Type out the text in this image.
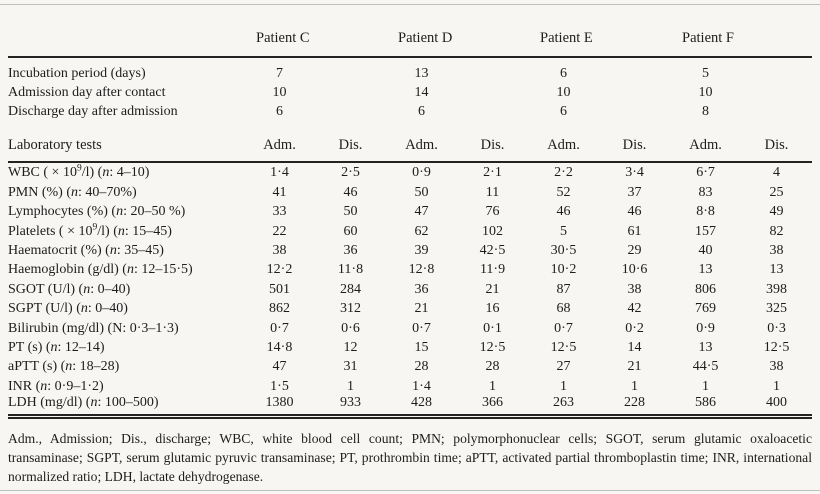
	Patient C		Patient D		Patient E		Patient F	
Incubation period (days)	7		13		6		5	
Admission day after contact	10		14		10		10	
Discharge day after admission	6		6		6		8	
Laboratory tests	Adm.	Dis.	Adm.	Dis.	Adm.	Dis.	Adm.	Dis.
WBC ( × $10^9/l$) (n: 4–10)	1·4	2·5	0·9	2·1	2·2	3·4	6·7	4
PMN (%) (n: 40–70%)	41	46	50	11	52	37	83	25
Lymphocytes (%) (n: 20–50 %)	33	50	47	76	46	46	8·8	49
Platelets ( × $10^9/l$) (n: 15–45)	22	60	62	102	5	61	157	82
Haematocrit (%) (n: 35–45)	38	36	39	42·5	30·5	29	40	38
Haemoglobin (g/dl) (n: 12–15·5)	12·2	11·8	12·8	11·9	10·2	10·6	13	13
SGOT (U/l) (n: 0–40)	501	284	36	21	87	38	806	398
SGPT (U/l) (n: 0–40)	862	312	21	16	68	42	769	325
Bilirubin (mg/dl) (N: 0·3–1·3)	0·7	0·6	0·7	0·1	0·7	0·2	0·9	0·3
PT (s) (n: 12–14)	14·8	12	15	12·5	12·5	14	13	12·5
aPTT (s) (n: 18–28)	47	31	28	28	27	21	44·5	38
INR (n: 0·9–1·2)	1·5	1	1·4	1	1	1	1	1
LDH (mg/dl) (n: 100–500)	1380	933	428	366	263	228	586	400
Adm., Admission; Dis., discharge; WBC, white blood cell count; PMN; polymorphonuclear cells; SGOT, serum glutamic oxaloacetic transaminase; SGPT, serum glutamic pyruvic transaminase; PT, prothrombin time; aPTT, activated partial thromboplastin time; INR, international normalized ratio; LDH, lactate dehydrogenase.
